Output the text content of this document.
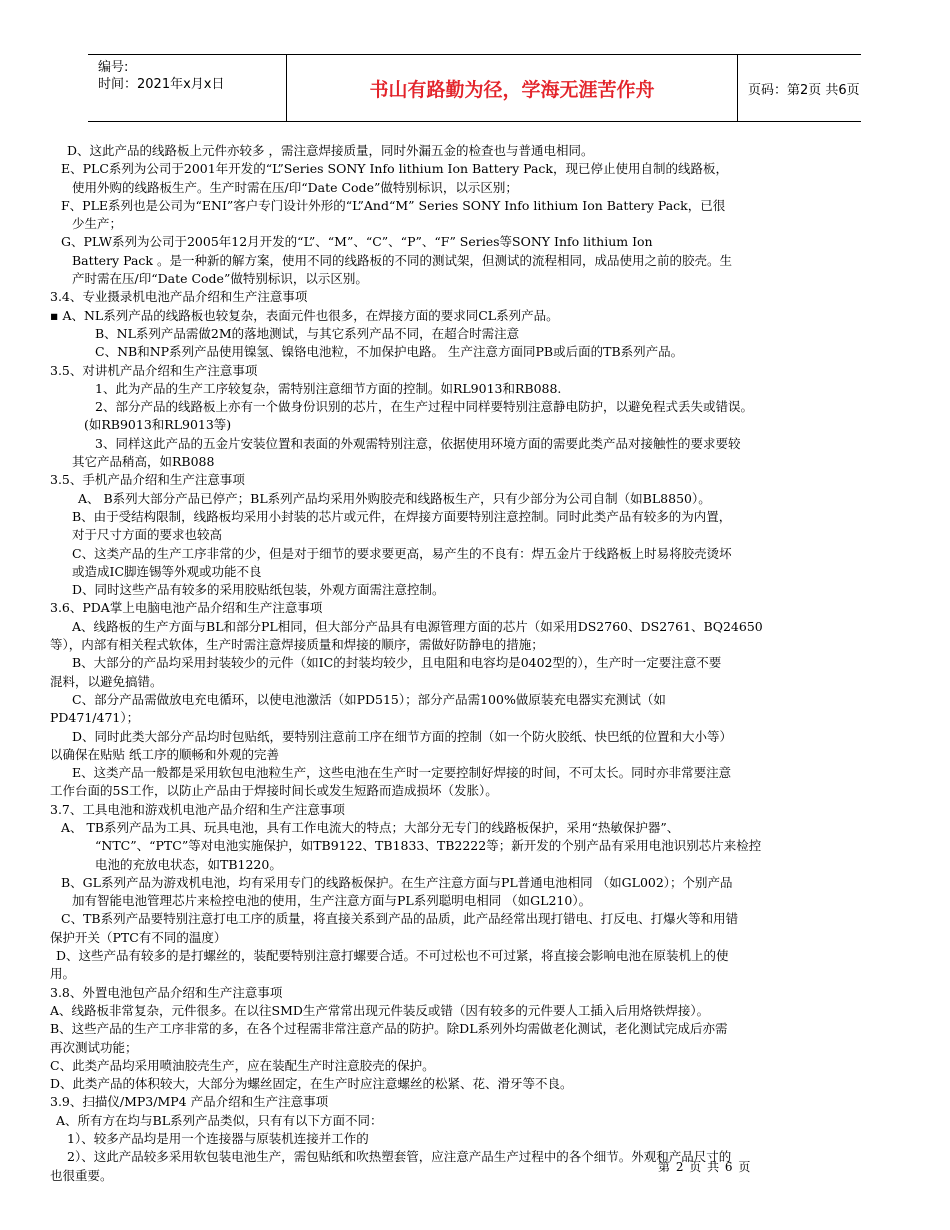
编号:
时间：2021年x月x日	书山有路勤为径，学海无涯苦作舟	页码：第2页 共6页
D、这此产品的线路板上元件亦较多 ，需注意焊接质量，同时外漏五金的检查也与普通电相同。
E、PLC系列为公司于2001年开发的“L”Series SONY Info lithium Ion Battery Pack，现已停止使用自制的线路板，
使用外购的线路板生产。生产时需在压/印“Date Code”做特别标识，以示区别；
F、PLE系列也是公司为“ENI”客户专门设计外形的“L”And“M” Series SONY Info lithium Ion Battery Pack，已很
少生产；
G、PLW系列为公司于2005年12月开发的“L”、“M”、“C”、“P”、“F” Series等SONY Info lithium Ion
Battery Pack 。是一种新的解方案，使用不同的线路板的不同的测试架，但测试的流程相同，成品使用之前的胶壳。生
产时需在压/印“Date Code”做特别标识，以示区别。
3.4、专业摄录机电池产品介绍和生产注意事项
▪ A、NL系列产品的线路板也较复杂，表面元件也很多，在焊接方面的要求同CL系列产品。
B、NL系列产品需做2M的落地测试，与其它系列产品不同，在超合时需注意
C、NB和NP系列产品使用镍氢、镍铬电池粒，不加保护电路。 生产注意方面同PB或后面的TB系列产品。
3.5、对讲机产品介绍和生产注意事项
1、此为产品的生产工序较复杂，需特别注意细节方面的控制。如RL9013和RB088.
2、部分产品的线路板上亦有一个做身份识别的芯片，在生产过程中同样要特别注意静电防护，以避免程式丢失或错误。
(如RB9013和RL9013等)
3、同样这此产品的五金片安装位置和表面的外观需特别注意，依据使用环境方面的需要此类产品对接触性的要求要较
其它产品稍高，如RB088
3.5、手机产品介绍和生产注意事项
A、 B系列大部分产品已停产；BL系列产品均采用外购胶壳和线路板生产，只有少部分为公司自制（如BL8850）。
B、由于受结构限制，线路板均采用小封装的芯片或元件，在焊接方面要特别注意控制。同时此类产品有较多的为内置，
对于尺寸方面的要求也较高
C、这类产品的生产工序非常的少，但是对于细节的要求要更高，易产生的不良有：焊五金片于线路板上时易将胶壳烫坏
或造成IC脚连锡等外观或功能不良
D、同时这些产品有较多的采用胶贴纸包装，外观方面需注意控制。
3.6、PDA掌上电脑电池产品介绍和生产注意事项
A、线路板的生产方面与BL和部分PL相同，但大部分产品具有电源管理方面的芯片（如采用DS2760、DS2761、BQ24650
等），内部有相关程式软体，生产时需注意焊接质量和焊接的顺序，需做好防静电的措施；
B、大部分的产品均采用封装较少的元件（如IC的封装均较少，且电阻和电容均是0402型的），生产时一定要注意不要
混料，以避免搞错。
C、部分产品需做放电充电循环，以使电池激活（如PD515）；部分产品需100%做原装充电器实充测试（如
PD471/471）；
D、同时此类大部分产品均时包贴纸，要特别注意前工序在细节方面的控制（如一个防火胶纸、快巴纸的位置和大小等）
以确保在贴贴 纸工序的顺畅和外观的完善
E、这类产品一般都是采用软包电池粒生产，这些电池在生产时一定要控制好焊接的时间，不可太长。同时亦非常要注意
工作台面的5S工作，以防止产品由于焊接时间长或发生短路而造成损坏（发胀）。
3.7、工具电池和游戏机电池产品介绍和生产注意事项
A、 TB系列产品为工具、玩具电池，具有工作电流大的特点；大部分无专门的线路板保护，采用“热敏保护器”、
“NTC”、“PTC”等对电池实施保护，如TB9122、TB1833、TB2222等；新开发的个别产品有采用电池识别芯片来检控
电池的充放电状态，如TB1220。
B、GL系列产品为游戏机电池，均有采用专门的线路板保护。在生产注意方面与PL普通电池相同 （如GL002）；个别产品
加有智能电池管理芯片来检控电池的使用，生产注意方面与PL系列聪明电相同 （如GL210）。
C、TB系列产品要特别注意打电工序的质量，将直接关系到产品的品质，此产品经常出现打错电、打反电、打爆火等和用错
保护开关（PTC有不同的温度）
D、这些产品有较多的是打螺丝的，装配要特别注意打螺要合适。不可过松也不可过紧，将直接会影响电池在原装机上的使
用。
3.8、外置电池包产品介绍和生产注意事项
A、线路板非常复杂，元件很多。在以往SMD生产常常出现元件装反或错（因有较多的元件要人工插入后用烙铁焊接）。
B、这些产品的生产工序非常的多，在各个过程需非常注意产品的防护。除DL系列外均需做老化测试，老化测试完成后亦需
再次测试功能；
C、此类产品均采用喷油胶壳生产，应在装配生产时注意胶壳的保护。
D、此类产品的体积较大，大部分为螺丝固定，在生产时应注意螺丝的松紧、花、滑牙等不良。
3.9、扫描仪/MP3/MP4 产品介绍和生产注意事项
A、所有方在均与BL系列产品类似，只有有以下方面不同：
1）、较多产品均是用一个连接器与原装机连接并工作的
2）、这此产品较多采用软包装电池生产，需包贴纸和吹热塑套管，应注意产品生产过程中的各个细节。外观和产品尺寸的
也很重要。
第 2 页 共 6 页
